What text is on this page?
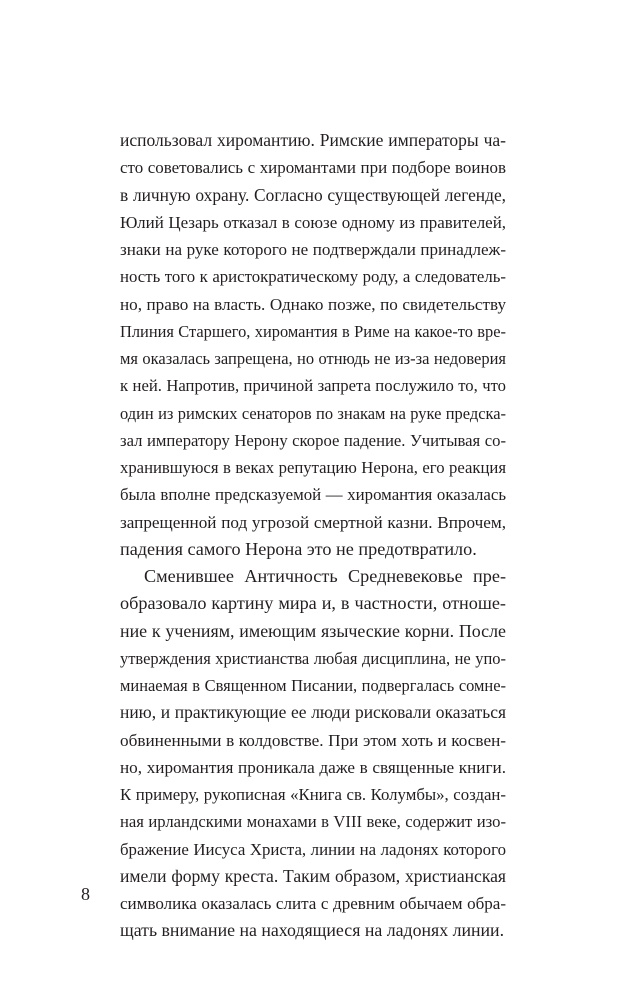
использовал хиромантию. Римские императоры ча-
сто советовались с хиромантами при подборе воинов
в личную охрану. Согласно существующей легенде,
Юлий Цезарь отказал в союзе одному из правителей,
знаки на руке которого не подтверждали принадлеж-
ность того к аристократическому роду, а следователь-
но, право на власть. Однако позже, по свидетельству
Плиния Старшего, хиромантия в Риме на какое-то вре-
мя оказалась запрещена, но отнюдь не из-за недоверия
к ней. Напротив, причиной запрета послужило то, что
один из римских сенаторов по знакам на руке предска-
зал императору Нерону скорое падение. Учитывая со-
хранившуюся в веках репутацию Нерона, его реакция
была вполне предсказуемой — хиромантия оказалась
запрещенной под угрозой смертной казни. Впрочем,
падения самого Нерона это не предотвратило.
Сменившее Античность Средневековье пре-
образовало картину мира и, в частности, отноше-
ние к учениям, имеющим языческие корни. После
утверждения христианства любая дисциплина, не упо-
минаемая в Священном Писании, подвергалась сомне-
нию, и практикующие ее люди рисковали оказаться
обвиненными в колдовстве. При этом хоть и косвен-
но, хиромантия проникала даже в священные книги.
К примеру, рукописная «Книга св. Колумбы», создан-
ная ирландскими монахами в VIII веке, содержит изо-
бражение Иисуса Христа, линии на ладонях которого
имели форму креста. Таким образом, христианская
символика оказалась слита с древним обычаем обра-
щать внимание на находящиеся на ладонях линии.
8
